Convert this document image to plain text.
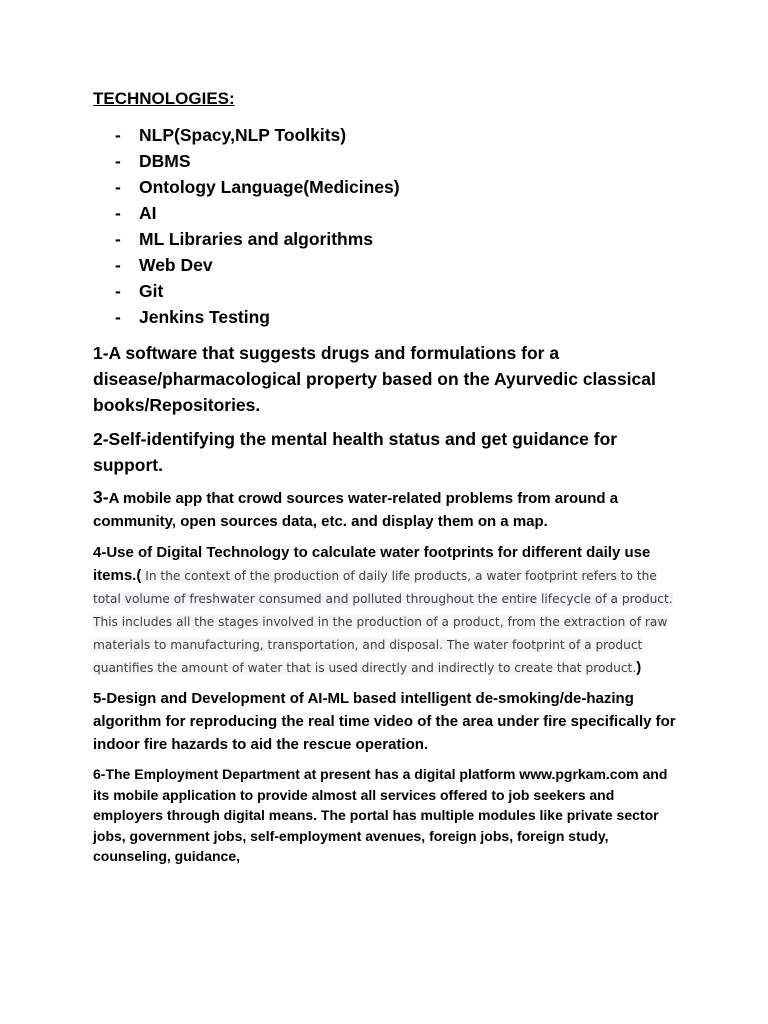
TECHNOLOGIES:
- NLP(Spacy,NLP Toolkits)
- DBMS
- Ontology Language(Medicines)
- AI
- ML Libraries and algorithms
- Web Dev
- Git
- Jenkins Testing

1-A software that suggests drugs and formulations for a disease/pharmacological property based on the Ayurvedic classical books/Repositories.

2-Self-identifying the mental health status and get guidance for support.

3-A mobile app that crowd sources water-related problems from around a community, open sources data, etc. and display them on a map.

4-Use of Digital Technology to calculate water footprints for different daily use items.( In the context of the production of daily life products, a water footprint refers to the total volume of freshwater consumed and polluted throughout the entire lifecycle of a product. This includes all the stages involved in the production of a product, from the extraction of raw materials to manufacturing, transportation, and disposal. The water footprint of a product quantifies the amount of water that is used directly and indirectly to create that product.)

5-Design and Development of AI-ML based intelligent de-smoking/de-hazing algorithm for reproducing the real time video of the area under fire specifically for indoor fire hazards to aid the rescue operation.

6-The Employment Department at present has a digital platform www.pgrkam.com and its mobile application to provide almost all services offered to job seekers and employers through digital means. The portal has multiple modules like private sector jobs, government jobs, self-employment avenues, foreign jobs, foreign study, counseling, guidance,
